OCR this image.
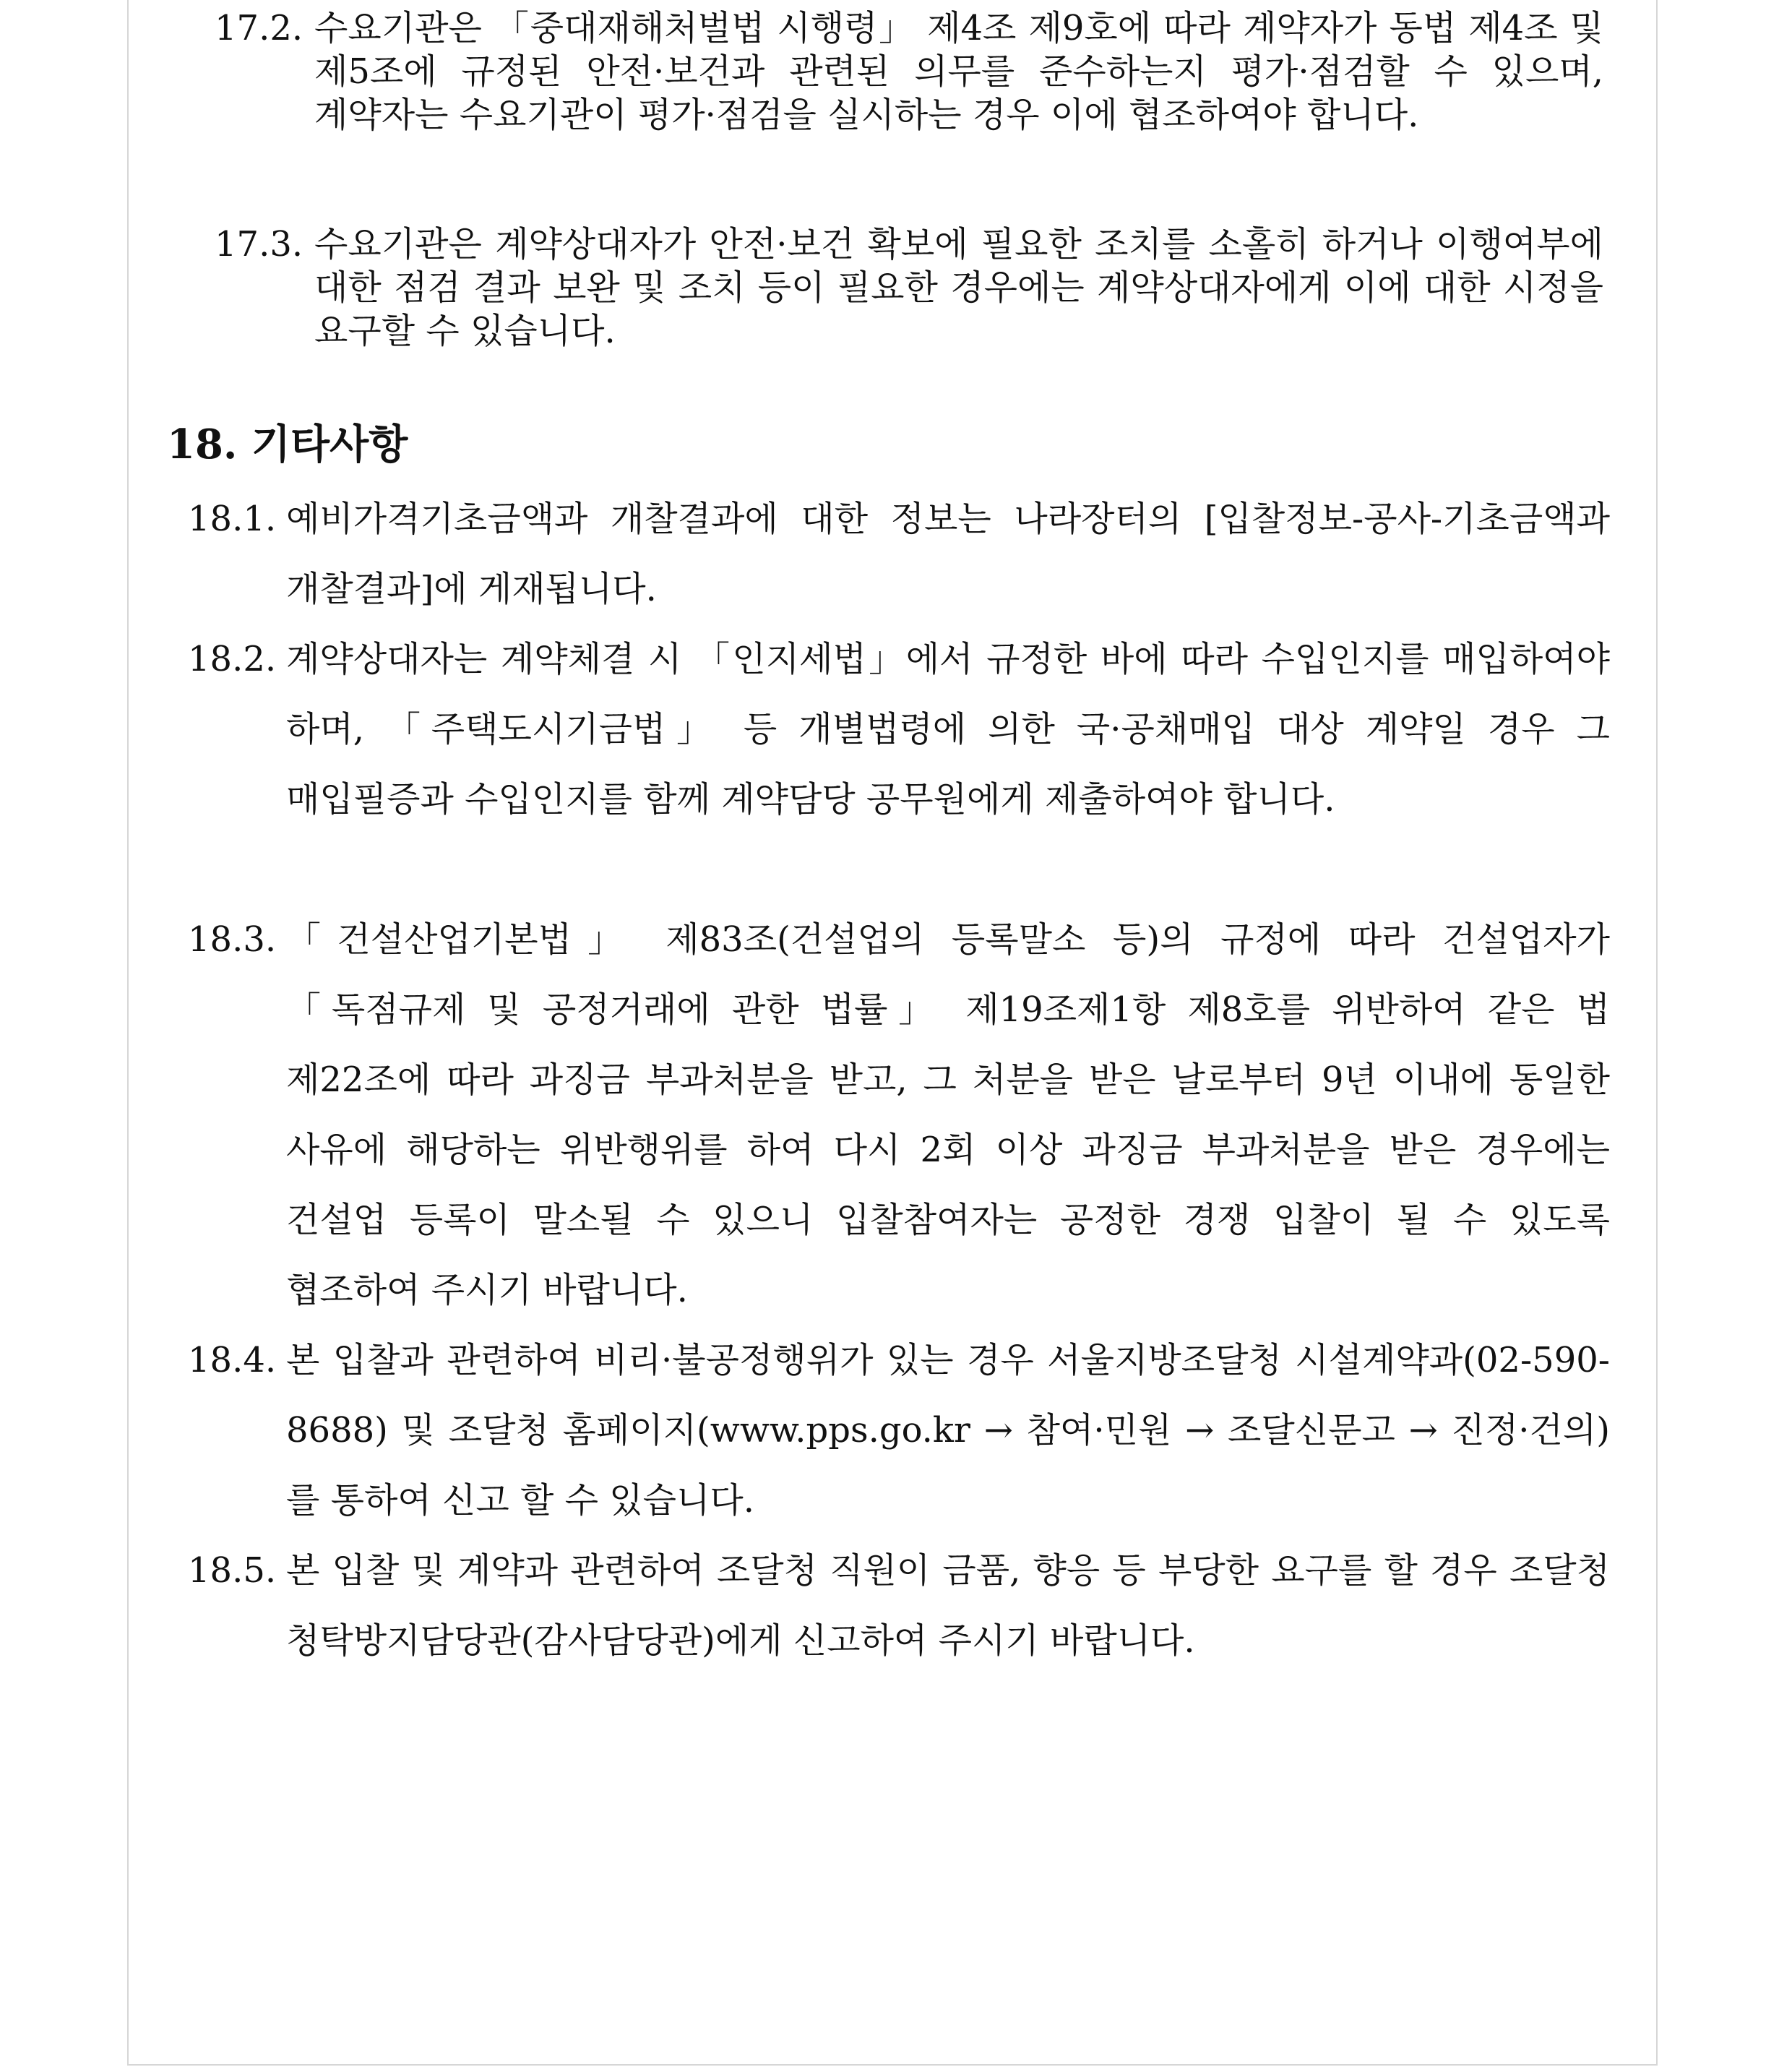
17.2. 수요기관은 「중대재해처벌법 시행령」 제4조 제9호에 따라 계약자가 동법 제4조 및 제5조에 규정된 안전·보건과 관련된 의무를 준수하는지 평가·점검할 수 있으며, 계약자는 수요기관이 평가·점검을 실시하는 경우 이에 협조하여야 합니다.
17.3. 수요기관은 계약상대자가 안전·보건 확보에 필요한 조치를 소홀히 하거나 이행여부에 대한 점검 결과 보완 및 조치 등이 필요한 경우에는 계약상대자에게 이에 대한 시정을 요구할 수 있습니다.
18. 기타사항
18.1. 예비가격기초금액과 개찰결과에 대한 정보는 나라장터의 [입찰정보-공사-기초금액과 개찰결과]에 게재됩니다.
18.2. 계약상대자는 계약체결 시 「인지세법」에서 규정한 바에 따라 수입인지를 매입하여야 하며, 「주택도시기금법」 등 개별법령에 의한 국·공채매입 대상 계약일 경우 그 매입필증과 수입인지를 함께 계약담당 공무원에게 제출하여야 합니다.
18.3. 「건설산업기본법」 제83조(건설업의 등록말소 등)의 규정에 따라 건설업자가 「독점규제 및 공정거래에 관한 법률」 제19조제1항 제8호를 위반하여 같은 법 제22조에 따라 과징금 부과처분을 받고, 그 처분을 받은 날로부터 9년 이내에 동일한 사유에 해당하는 위반행위를 하여 다시 2회 이상 과징금 부과처분을 받은 경우에는 건설업 등록이 말소될 수 있으니 입찰참여자는 공정한 경쟁 입찰이 될 수 있도록 협조하여 주시기 바랍니다.
18.4. 본 입찰과 관련하여 비리·불공정행위가 있는 경우 서울지방조달청 시설계약과(02-590-8688) 및 조달청 홈페이지(www.pps.go.kr → 참여·민원 → 조달신문고 → 진정·건의)를 통하여 신고 할 수 있습니다.
18.5. 본 입찰 및 계약과 관련하여 조달청 직원이 금품, 향응 등 부당한 요구를 할 경우 조달청 청탁방지담당관(감사담당관)에게 신고하여 주시기 바랍니다.
